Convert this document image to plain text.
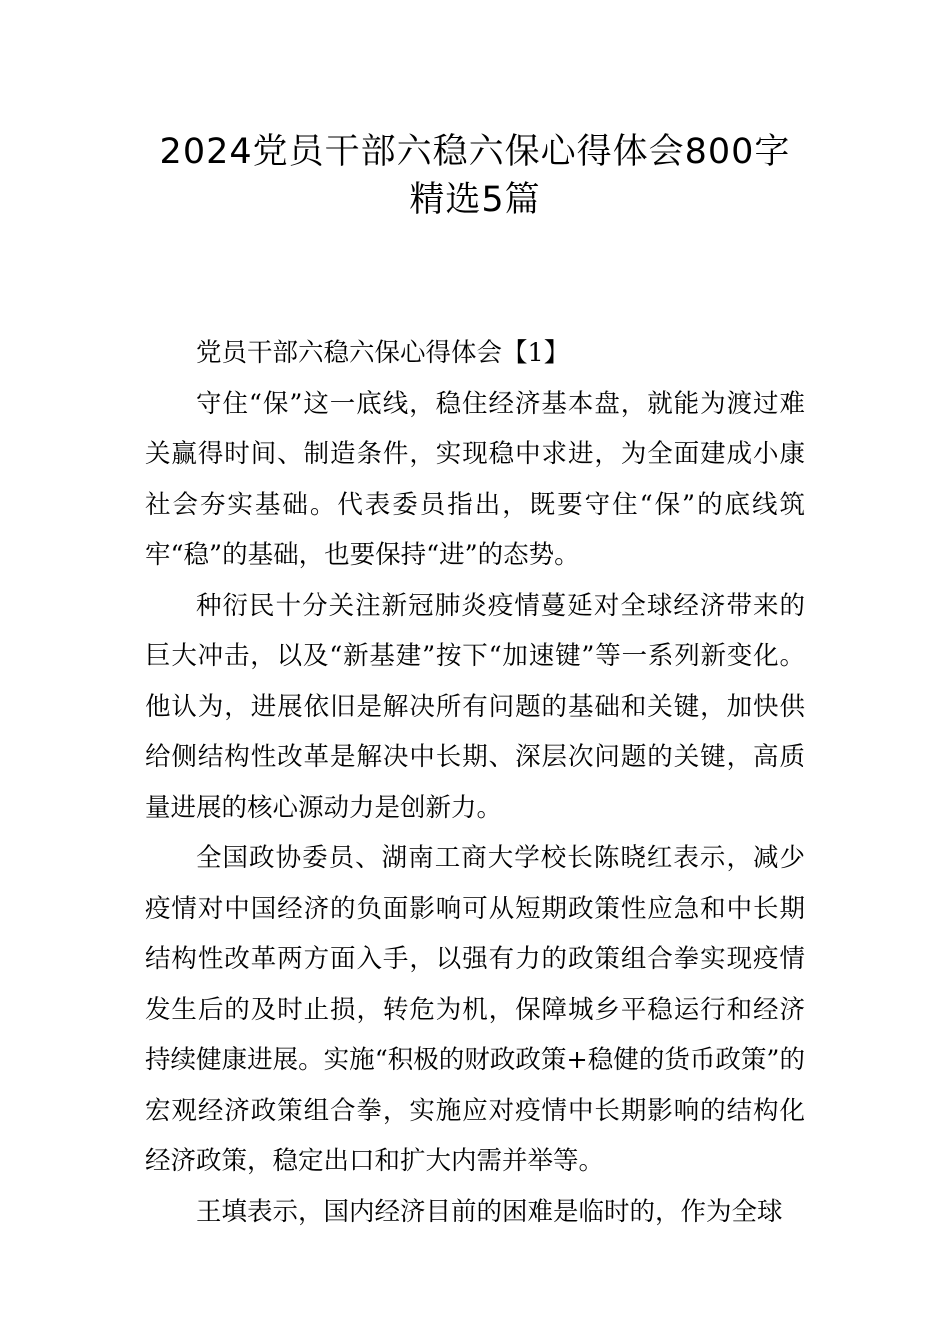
2024党员干部六稳六保心得体会800字
精选5篇

党员干部六稳六保心得体会【1】

守住“保”这一底线，稳住经济基本盘，就能为渡过难关赢得时间、制造条件，实现稳中求进，为全面建成小康社会夯实基础。代表委员指出，既要守住“保”的底线筑牢“稳”的基础，也要保持“进”的态势。

种衍民十分关注新冠肺炎疫情蔓延对全球经济带来的巨大冲击，以及“新基建”按下“加速键”等一系列新变化。他认为，进展依旧是解决所有问题的基础和关键，加快供给侧结构性改革是解决中长期、深层次问题的关键，高质量进展的核心源动力是创新力。

全国政协委员、湖南工商大学校长陈晓红表示，减少疫情对中国经济的负面影响可从短期政策性应急和中长期结构性改革两方面入手，以强有力的政策组合拳实现疫情发生后的及时止损，转危为机，保障城乡平稳运行和经济持续健康进展。实施“积极的财政政策+稳健的货币政策”的宏观经济政策组合拳，实施应对疫情中长期影响的结构化经济政策，稳定出口和扩大内需并举等。

王填表示，国内经济目前的困难是临时的，作为全球
